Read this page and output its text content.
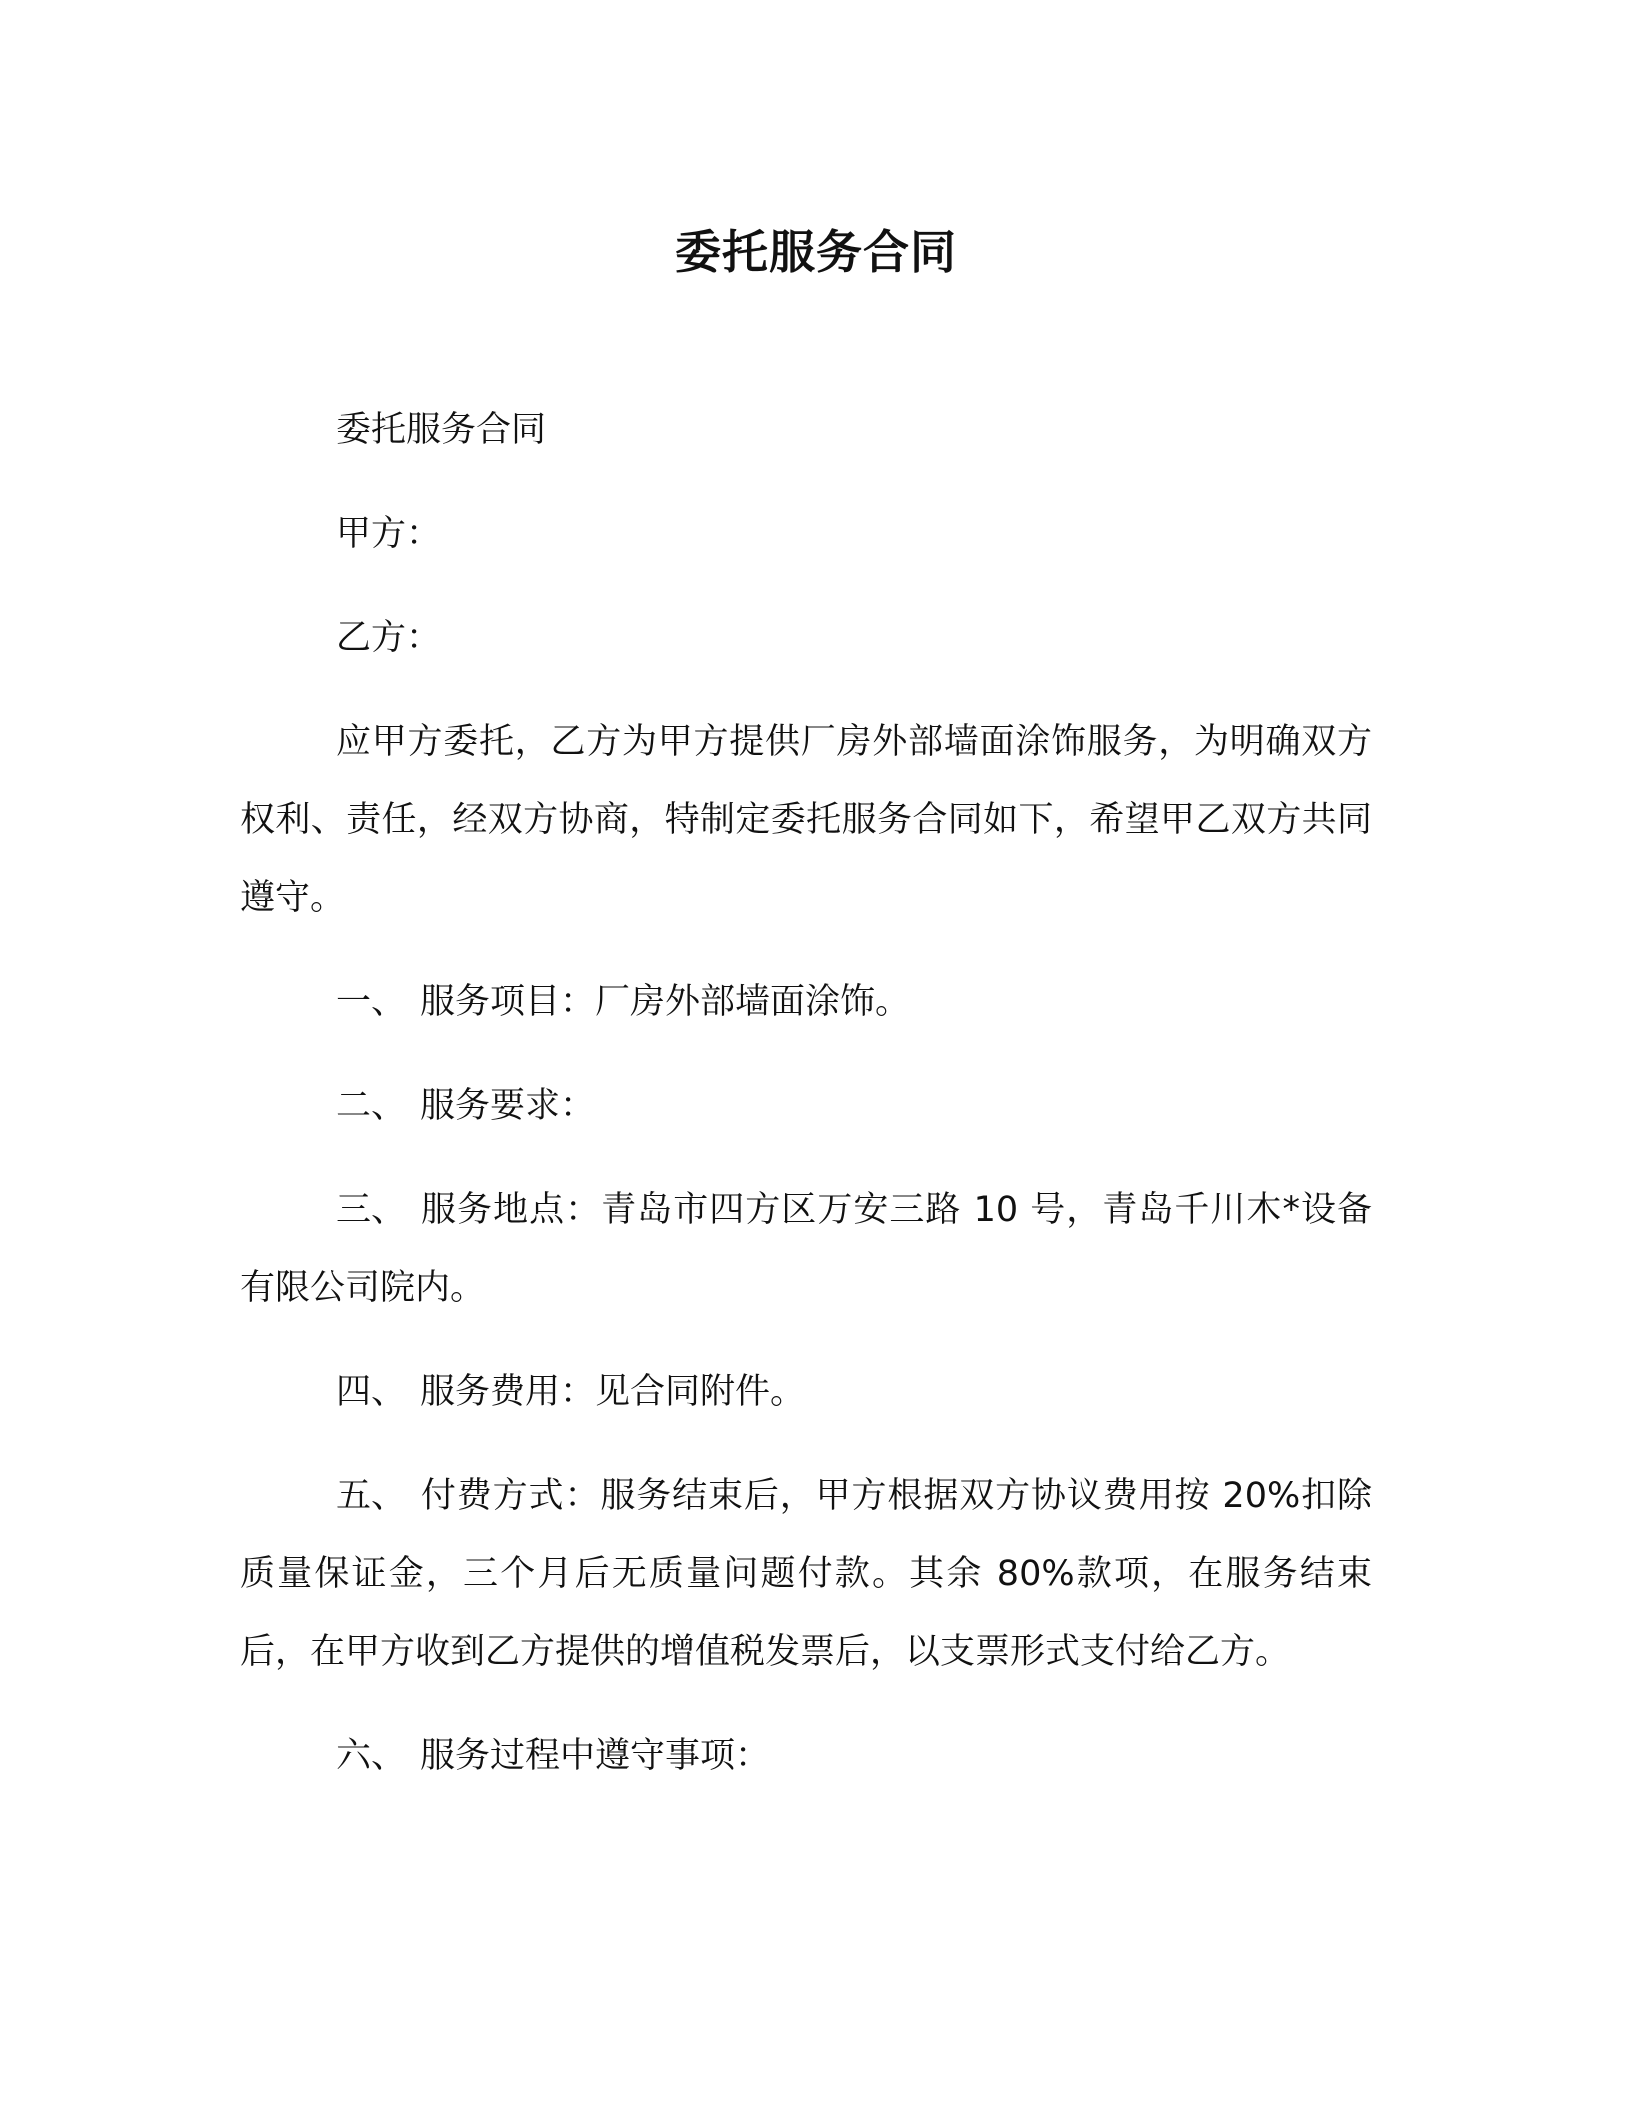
委托服务合同

委托服务合同

甲方：

乙方：

应甲方委托，乙方为甲方提供厂房外部墙面涂饰服务，为明确双方权利、责任，经双方协商，特制定委托服务合同如下，希望甲乙双方共同遵守。

一、 服务项目：厂房外部墙面涂饰。

二、 服务要求：

三、 服务地点：青岛市四方区万安三路 10 号，青岛千川木*设备有限公司院内。

四、 服务费用：见合同附件。

五、 付费方式：服务结束后，甲方根据双方协议费用按 20%扣除质量保证金，三个月后无质量问题付款。其余 80%款项，在服务结束后，在甲方收到乙方提供的增值税发票后，以支票形式支付给乙方。

六、 服务过程中遵守事项：
